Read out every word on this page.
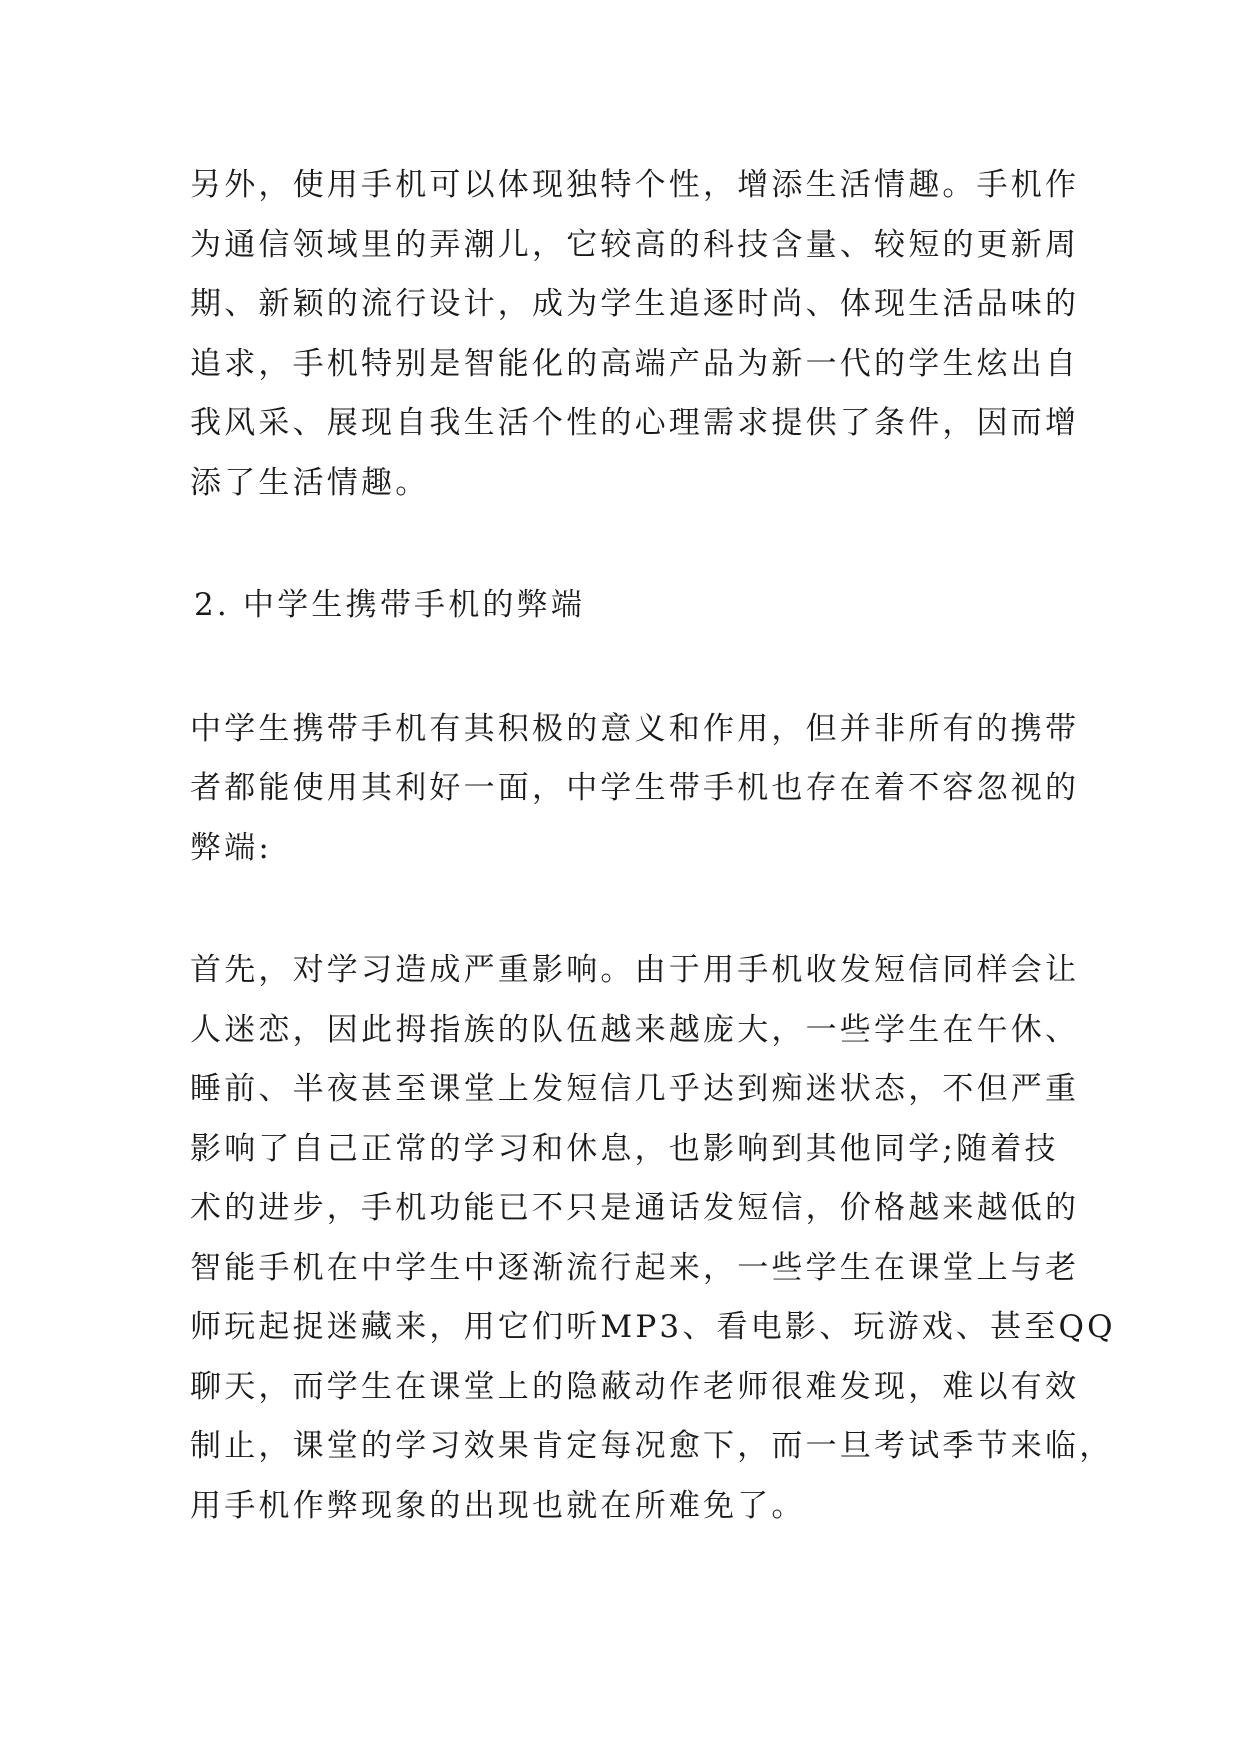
另外，使用手机可以体现独特个性，增添生活情趣。手机作
为通信领域里的弄潮儿，它较高的科技含量、较短的更新周
期、新颖的流行设计，成为学生追逐时尚、体现生活品味的
追求，手机特别是智能化的高端产品为新一代的学生炫出自
我风采、展现自我生活个性的心理需求提供了条件，因而增
添了生活情趣。
2. 中学生携带手机的弊端
中学生携带手机有其积极的意义和作用，但并非所有的携带
者都能使用其利好一面，中学生带手机也存在着不容忽视的
弊端:
首先，对学习造成严重影响。由于用手机收发短信同样会让
人迷恋，因此拇指族的队伍越来越庞大，一些学生在午休、
睡前、半夜甚至课堂上发短信几乎达到痴迷状态，不但严重
影响了自己正常的学习和休息，也影响到其他同学;随着技
术的进步，手机功能已不只是通话发短信，价格越来越低的
智能手机在中学生中逐渐流行起来，一些学生在课堂上与老
师玩起捉迷藏来，用它们听MP3、看电影、玩游戏、甚至QQ
聊天，而学生在课堂上的隐蔽动作老师很难发现，难以有效
制止，课堂的学习效果肯定每况愈下，而一旦考试季节来临，
用手机作弊现象的出现也就在所难免了。
